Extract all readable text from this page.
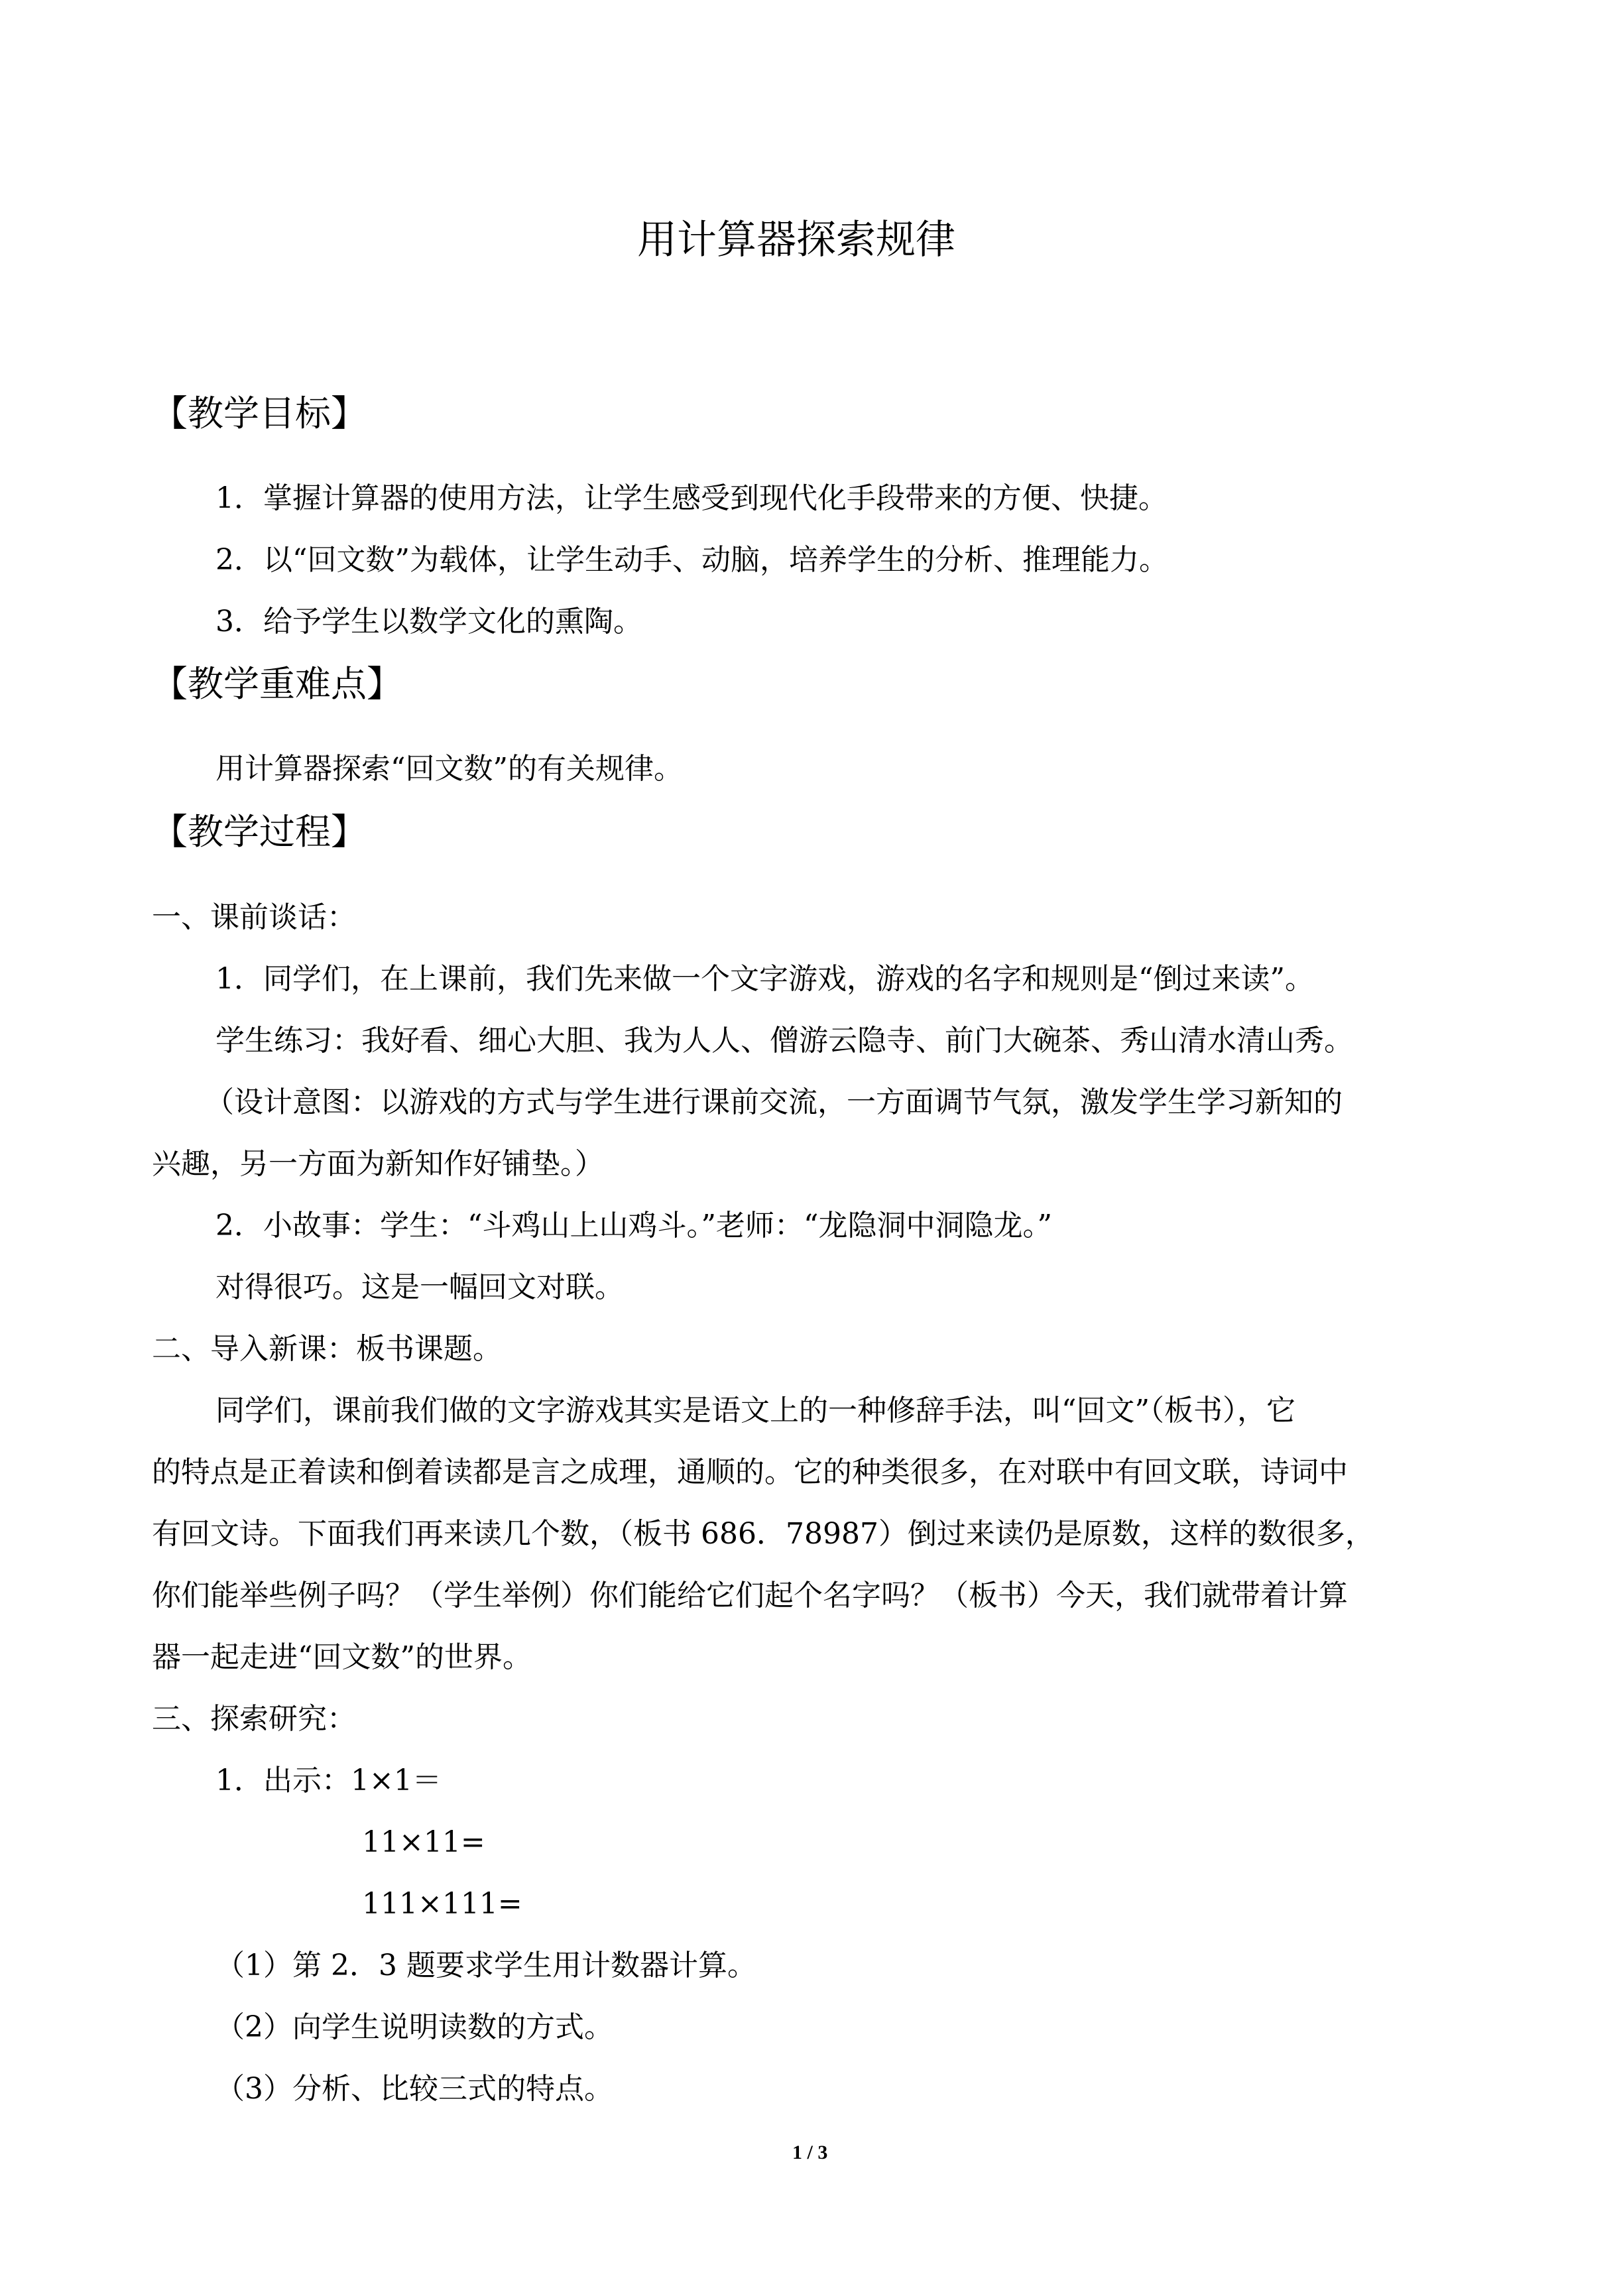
用计算器探索规律
【教学目标】
1．掌握计算器的使用方法，让学生感受到现代化手段带来的方便、快捷。
2．以“回文数”为载体，让学生动手、动脑，培养学生的分析、推理能力。
3．给予学生以数学文化的熏陶。
【教学重难点】
用计算器探索“回文数”的有关规律。
【教学过程】
一、课前谈话：
1．同学们，在上课前，我们先来做一个文字游戏，游戏的名字和规则是“倒过来读”。
学生练习：我好看、细心大胆、我为人人、僧游云隐寺、前门大碗茶、秀山清水清山秀。
（设计意图：以游戏的方式与学生进行课前交流，一方面调节气氛，激发学生学习新知的
兴趣，另一方面为新知作好铺垫。）
2．小故事：学生：“斗鸡山上山鸡斗。”老师：“龙隐洞中洞隐龙。”
对得很巧。这是一幅回文对联。
二、导入新课：板书课题。
同学们，课前我们做的文字游戏其实是语文上的一种修辞手法，叫“回文”（板书），它
的特点是正着读和倒着读都是言之成理，通顺的。它的种类很多，在对联中有回文联，诗词中
有回文诗。下面我们再来读几个数，（板书 686．78987）倒过来读仍是原数，这样的数很多，
你们能举些例子吗？（学生举例）你们能给它们起个名字吗？（板书）今天，我们就带着计算
器一起走进“回文数”的世界。
三、探索研究：
1．出示：1×1＝
11×11=
111×111=
（1）第 2．3 题要求学生用计数器计算。
（2）向学生说明读数的方式。
（3）分析、比较三式的特点。
1 / 3
